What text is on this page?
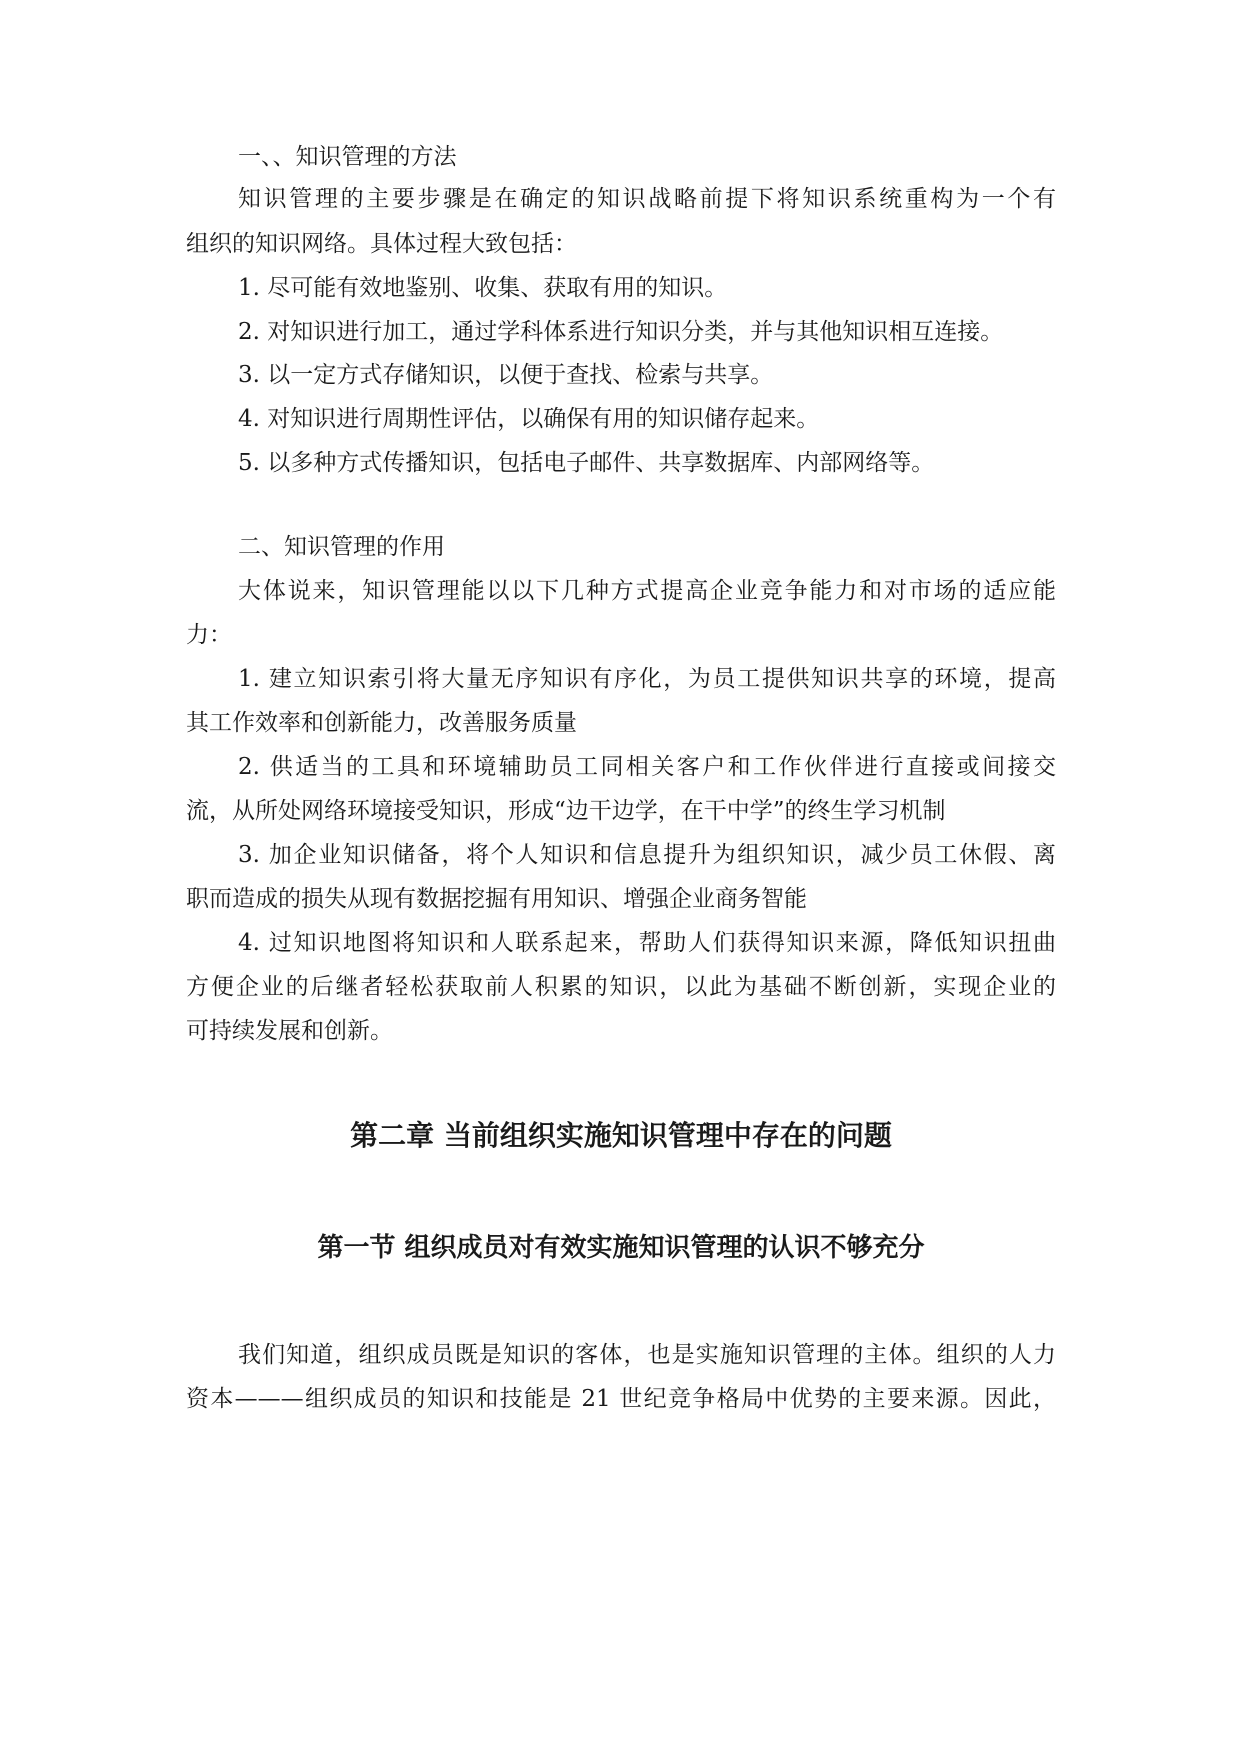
一、、知识管理的方法
知识管理的主要步骤是在确定的知识战略前提下将知识系统重构为一个有
组织的知识网络。具体过程大致包括：
1. 尽可能有效地鉴别、收集、获取有用的知识。
2. 对知识进行加工，通过学科体系进行知识分类，并与其他知识相互连接。
3. 以一定方式存储知识，以便于查找、检索与共享。
4. 对知识进行周期性评估，以确保有用的知识储存起来。
5. 以多种方式传播知识，包括电子邮件、共享数据库、内部网络等。
二、知识管理的作用
大体说来，知识管理能以以下几种方式提高企业竞争能力和对市场的适应能
力：
1. 建立知识索引将大量无序知识有序化，为员工提供知识共享的环境，提高
其工作效率和创新能力，改善服务质量
2. 供适当的工具和环境辅助员工同相关客户和工作伙伴进行直接或间接交
流，从所处网络环境接受知识，形成“边干边学，在干中学”的终生学习机制
3. 加企业知识储备，将个人知识和信息提升为组织知识，减少员工休假、离
职而造成的损失从现有数据挖掘有用知识、增强企业商务智能
4. 过知识地图将知识和人联系起来，帮助人们获得知识来源，降低知识扭曲
方便企业的后继者轻松获取前人积累的知识，以此为基础不断创新，实现企业的
可持续发展和创新。
第二章 当前组织实施知识管理中存在的问题
第一节 组织成员对有效实施知识管理的认识不够充分
我们知道，组织成员既是知识的客体，也是实施知识管理的主体。组织的人力
资本———组织成员的知识和技能是 21 世纪竞争格局中优势的主要来源。因此，
